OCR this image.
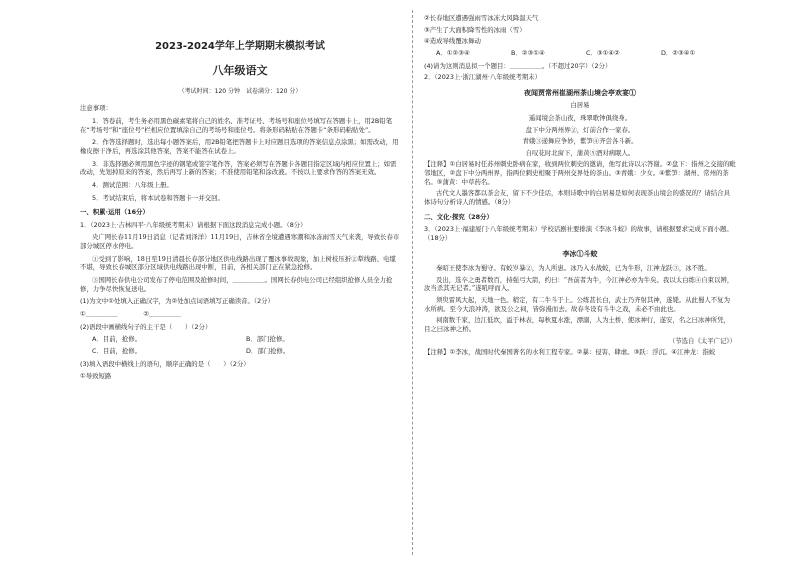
2023-2024学年上学期期末模拟考试
八年级语文
（考试时间：120 分钟　试卷满分：120 分）
注意事项：
1．答卷前，考生务必用黑色碳素笔将自己的姓名、准考证号、考场号和座位号填写在答题卡上，用2B铅笔在“考场号”和“座位号”栏相应位置填涂自己的考场号和座位号。将条形码粘贴在答题卡“条形码粘贴处”。
2．作答选择题时，选出每小题答案后，用2B铅笔把答题卡上对应题目选项的答案信息点涂黑；如需改动，用橡皮擦干净后，再选涂其他答案，答案不能答在试卷上。
3．非选择题必须用黑色字迹的钢笔或签字笔作答，答案必须写在答题卡各题目指定区域内相应位置上；如需改动，先划掉原来的答案，然后再写上新的答案；不准使用铅笔和涂改液。不按以上要求作答的答案无效。
4．测试范围：八年级上册。
5．考试结束后，将本试卷和答题卡一并交回。
一、积累·运用（16分）
1．（2023上·吉林四平·八年级统考期末）请根据下面这段消息完成小题。（8分）
央广网长春11月19日消息（记者刘泽洋）11月19日，吉林省全境遭遇寒潮和冰冻雨雪天气来袭，导致长春市部分城区停水停电。
①受到了影响，18日至19日清晨长春部分地区供电线路出现了覆冰事故现象，加上树枝压折②犁线路、电缆不堪，导致长春城区部分区域供电线路出现中断，目前，各相关部门正在紧急抢修。
③国网长春供电公司发布了停电范围及抢修时间，＿＿＿＿＿。国网长春供电公司已经组织抢修人员全力抢修，力争尽快恢复送电。
(1)为文中①处填入正确汉字，为②处加点词语填写正确读音。（2分）
①＿＿＿＿＿　　　　②＿＿＿＿＿
(2)语段中画横线句子的主干是（　　）（2分）
A．目前，抢修。	B．部门抢修。
C．目前，抢修。	D．部门抢修。
(3)填入语段中横线上的语句，顺序正确的是（　　）（2分）
①导致短路
②长春地区遭遇强雨雪冰冻大风降温天气
③产生了大面积降雪性的冰雨（雪）
④造成导线覆冰舞动
A．①②③④	B．②③①④	C．③①④②	D．②③④①
(4)请为这则消息拟一个题目：＿＿＿＿＿。（不超过20字）（2分）
2．（2023上·浙江湖州·八年级统考期末）
夜闻贾常州崔湖州茶山境会亭欢宴①
白居易
遥闻境会茶山夜，珠翠歌钟俱绕身。
盘下中分两州界②，灯前合作一家春。
青娥③递舞应争妙，紫笋④齐尝各斗新。
自叹花时北窗下，蒲黄⑤酒对病眠人。
【注释】①白居易时任苏州刺史卧病在家，收到两位刺史的邀请，他写此诗以示答谢。②盘下：指州之交接的毗邻地区，②盘下中分两州界，指两位刺史相聚于两州交界处的茶山。③青娥：少女。④紫笋：湖州、常州的茶名。⑤蒲黄：中草药名。
古代文人墨客都以茶会友，留下不少佳话，本则诗歌中的白居易是如何表现茶山境会的盛况的？请结合具体诗句分析诗人的情感。（8分）
二、文化·探究（28分）
3．（2023上·福建厦门·八年级统考期末）学校话剧社要排演《李冰斗蛟》的故事，请根据要求完成下面小题。（18分）
李冰①斗蛟
秦昭王使李冰为蜀守。有蛟岁暴②，为人所患。冰乃入水战蛟，已为牛形，江神龙跃③，冰不胜。
及出，选卒之勇者数百，持强弓大箭，约曰：“吾前者为牛，今江神必亦为牛矣。我以太白练④自束以辨，汝当杀其无记者。”遂吼呼而入。
须臾雷风大起，天地一色。稍定，有二牛斗于上。公练甚长白，武士乃齐射其神，遂毙。从此蜀人不复为水所病。至今大浪冲涛，欲及公之祠，皆弥漫而去。故春冬设有斗牛之戏，未必不由此也。
祠南数千家，边江低坎，溢于林表，每秋夏水涨，漂溺，人为土桥，使冰神行，遂安，名之曰冰神所凭，目之曰冰神之桥。
（节选自《太平广记》）
【注释】①李冰，战国时代秦国著名的水利工程专家。②暴：侵害、肆虐。③跃：浮沉。④江神龙：指蛟
